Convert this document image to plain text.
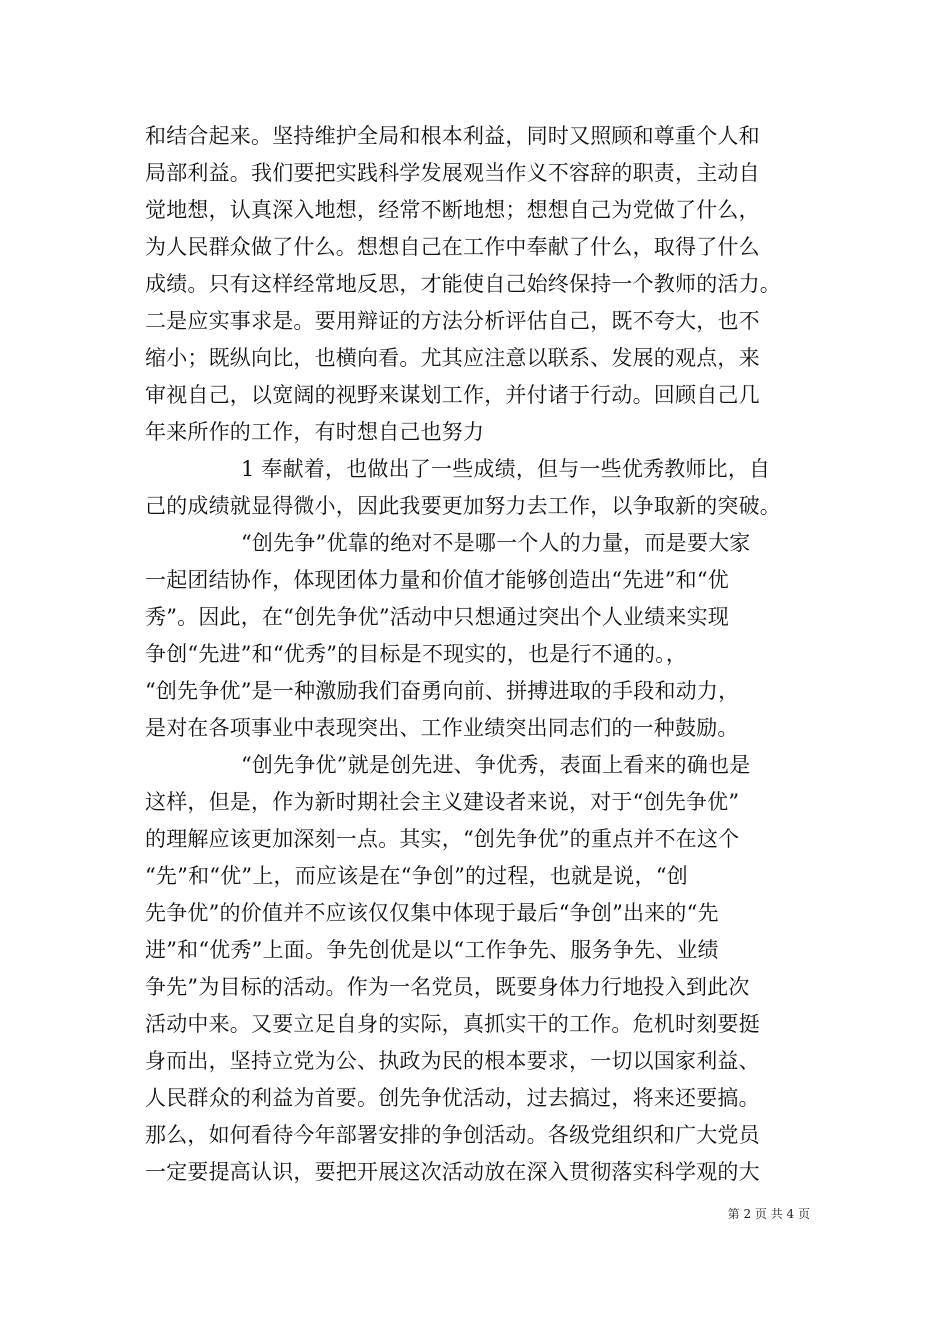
和结合起来。坚持维护全局和根本利益，同时又照顾和尊重个人和
局部利益。我们要把实践科学发展观当作义不容辞的职责，主动自
觉地想，认真深入地想，经常不断地想；想想自己为党做了什么，
为人民群众做了什么。想想自己在工作中奉献了什么，取得了什么
成绩。只有这样经常地反思，才能使自己始终保持一个教师的活力。
二是应实事求是。要用辩证的方法分析评估自己，既不夸大，也不
缩小；既纵向比，也横向看。尤其应注意以联系、发展的观点，来
审视自己，以宽阔的视野来谋划工作，并付诸于行动。回顾自己几
年来所作的工作，有时想自己也努力
1 奉献着，也做出了一些成绩，但与一些优秀教师比，自
己的成绩就显得微小，因此我要更加努力去工作，以争取新的突破。
“创先争”优靠的绝对不是哪一个人的力量，而是要大家
一起团结协作，体现团体力量和价值才能够创造出“先进”和“优
秀”。因此，在“创先争优”活动中只想通过突出个人业绩来实现
争创“先进”和“优秀”的目标是不现实的，也是行不通的。，
“创先争优”是一种激励我们奋勇向前、拼搏进取的手段和动力，
是对在各项事业中表现突出、工作业绩突出同志们的一种鼓励。
“创先争优”就是创先进、争优秀，表面上看来的确也是
这样，但是，作为新时期社会主义建设者来说，对于“创先争优”
的理解应该更加深刻一点。其实，“创先争优”的重点并不在这个
“先”和“优”上，而应该是在“争创”的过程，也就是说，“创
先争优”的价值并不应该仅仅集中体现于最后“争创”出来的“先
进”和“优秀”上面。争先创优是以“工作争先、服务争先、业绩
争先”为目标的活动。作为一名党员，既要身体力行地投入到此次
活动中来。又要立足自身的实际，真抓实干的工作。危机时刻要挺
身而出，坚持立党为公、执政为民的根本要求，一切以国家利益、
人民群众的利益为首要。创先争优活动，过去搞过，将来还要搞。
那么，如何看待今年部署安排的争创活动。各级党组织和广大党员
一定要提高认识，要把开展这次活动放在深入贯彻落实科学观的大
第 2 页 共 4 页
